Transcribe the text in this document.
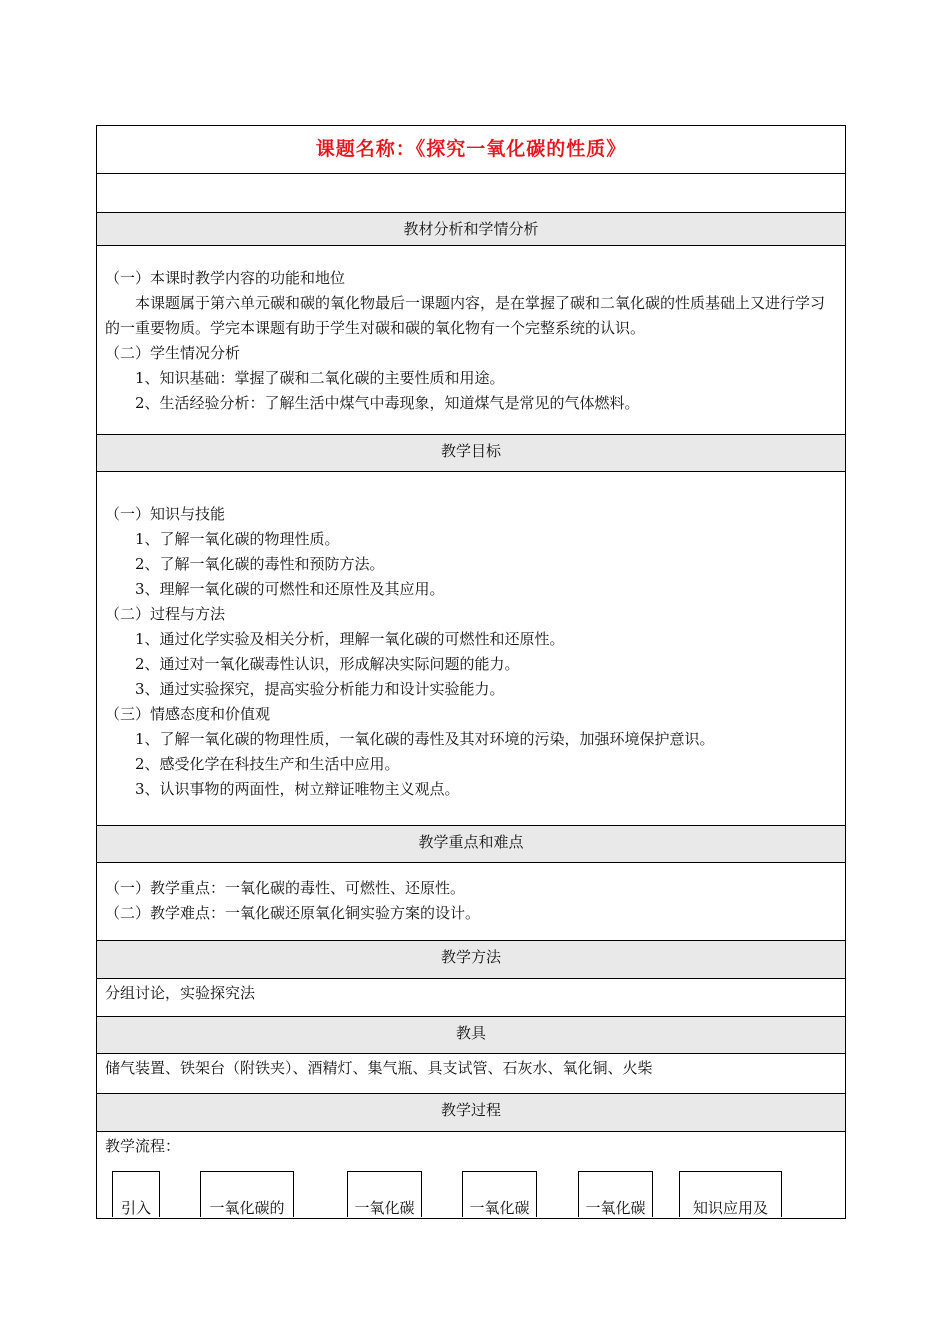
课题名称：《探究一氧化碳的性质》
教材分析和学情分析

（一）本课时教学内容的功能和地位

本课题属于第六单元碳和碳的氧化物最后一课题内容，是在掌握了碳和二氧化碳的性质基础上又进行学习的一重要物质。学完本课题有助于学生对碳和碳的氧化物有一个完整系统的认识。

（二）学生情况分析

1、知识基础：掌握了碳和二氧化碳的主要性质和用途。

2、生活经验分析：了解生活中煤气中毒现象，知道煤气是常见的气体燃料。

教学目标

（一）知识与技能

1、了解一氧化碳的物理性质。

2、了解一氧化碳的毒性和预防方法。

3、理解一氧化碳的可燃性和还原性及其应用。

（二）过程与方法

1、通过化学实验及相关分析，理解一氧化碳的可燃性和还原性。

2、通过对一氧化碳毒性认识，形成解决实际问题的能力。

3、通过实验探究，提高实验分析能力和设计实验能力。

（三）情感态度和价值观

1、了解一氧化碳的物理性质，一氧化碳的毒性及其对环境的污染，加强环境保护意识。

2、感受化学在科技生产和生活中应用。

3、认识事物的两面性，树立辩证唯物主义观点。

教学重点和难点

（一）教学重点：一氧化碳的毒性、可燃性、还原性。

（二）教学难点：一氧化碳还原氧化铜实验方案的设计。

教学方法

分组讨论，实验探究法

教具

储气装置、铁架台（附铁夹）、酒精灯、集气瓶、具支试管、石灰水、氧化铜、火柴

教学过程

教学流程：

引入	一氧化碳的	一氧化碳	一氧化碳	一氧化碳	知识应用及
